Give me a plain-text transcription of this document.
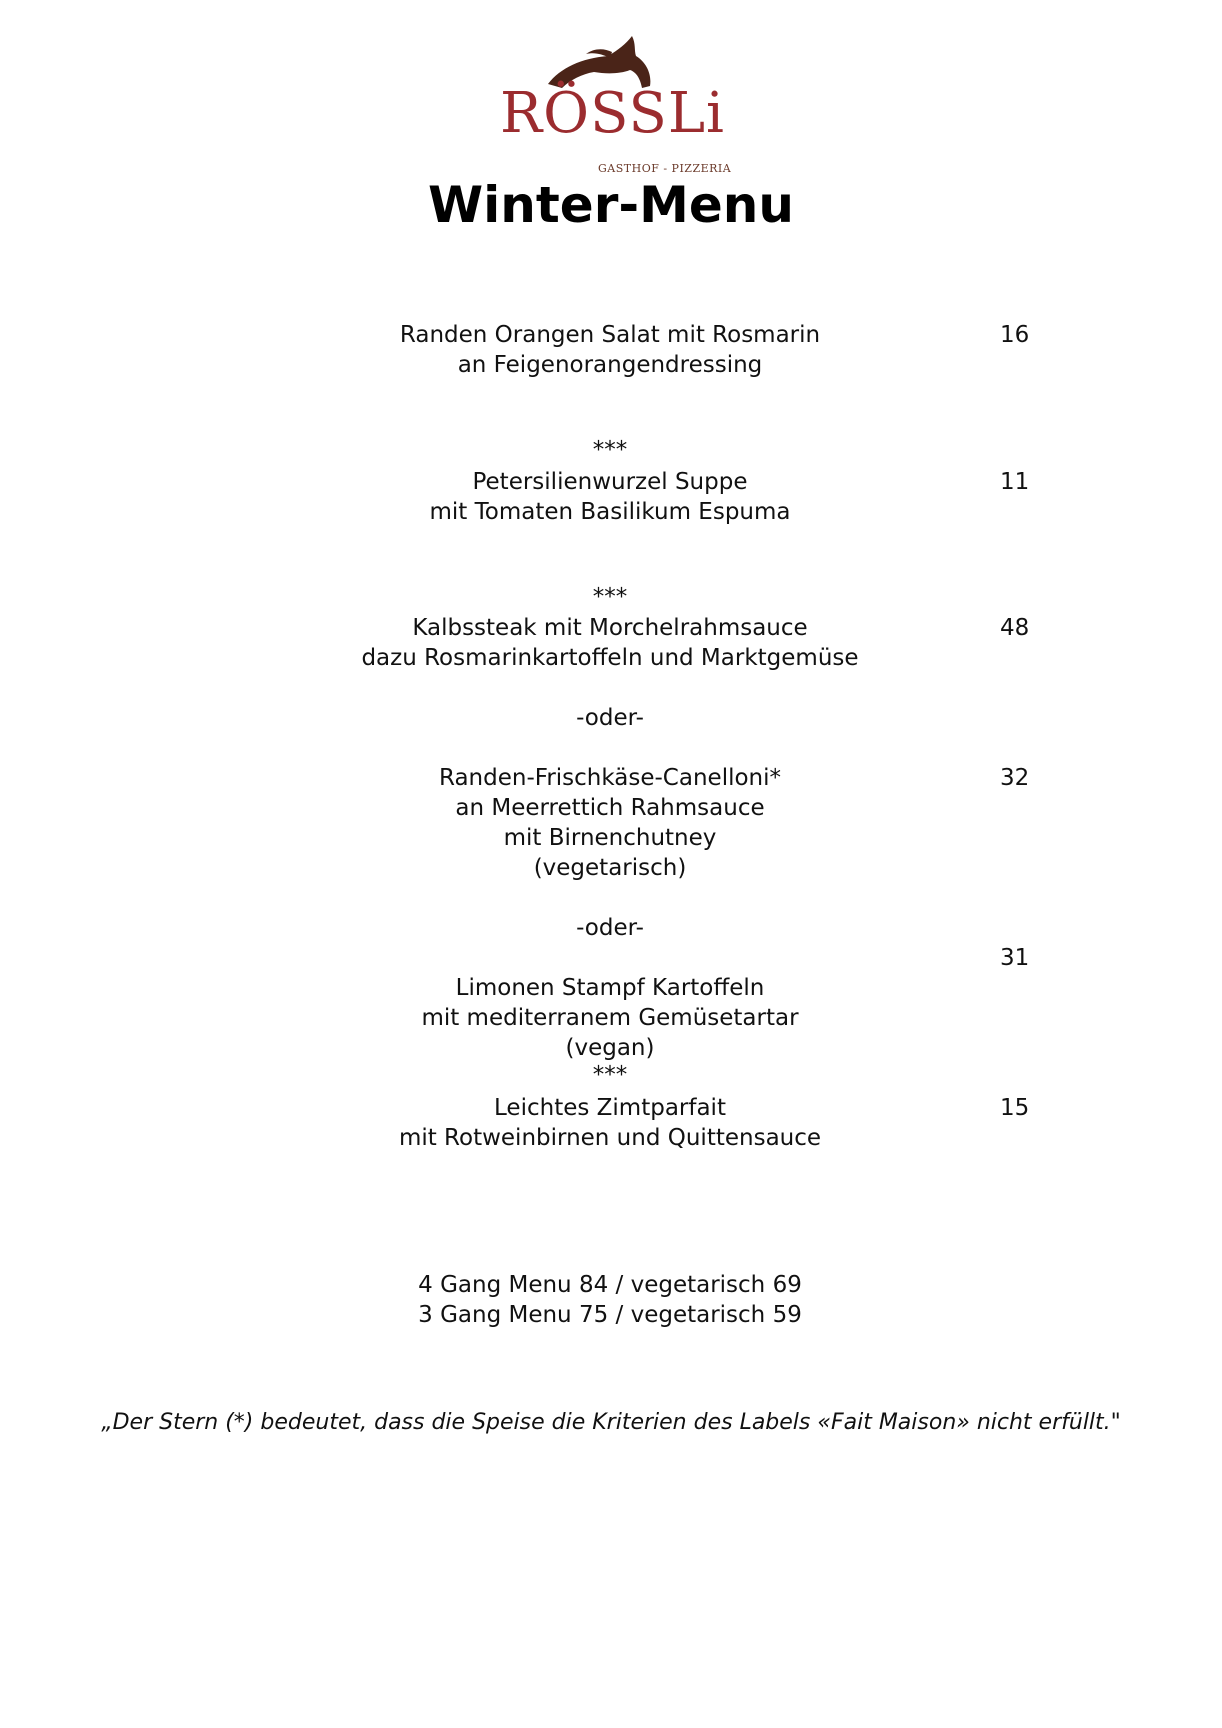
RÖSSLi
GASTHOF - PIZZERIA
Winter-Menu
Randen Orangen Salat mit Rosmarin
an Feigenorangendressing
16
***
Petersilienwurzel Suppe
mit Tomaten Basilikum Espuma
11
***
Kalbssteak mit Morchelrahmsauce
dazu Rosmarinkartoffeln und Marktgemüse
48
-oder-
Randen-Frischkäse-Canelloni*
an Meerrettich Rahmsauce
mit Birnenchutney
(vegetarisch)
32
-oder-
Limonen Stampf Kartoffeln
mit mediterranem Gemüsetartar
(vegan)
31
***
Leichtes Zimtparfait
mit Rotweinbirnen und Quittensauce
15
4 Gang Menu 84 / vegetarisch 69
3 Gang Menu 75 / vegetarisch 59
„Der Stern (*) bedeutet, dass die Speise die Kriterien des Labels «Fait Maison» nicht erfüllt."
